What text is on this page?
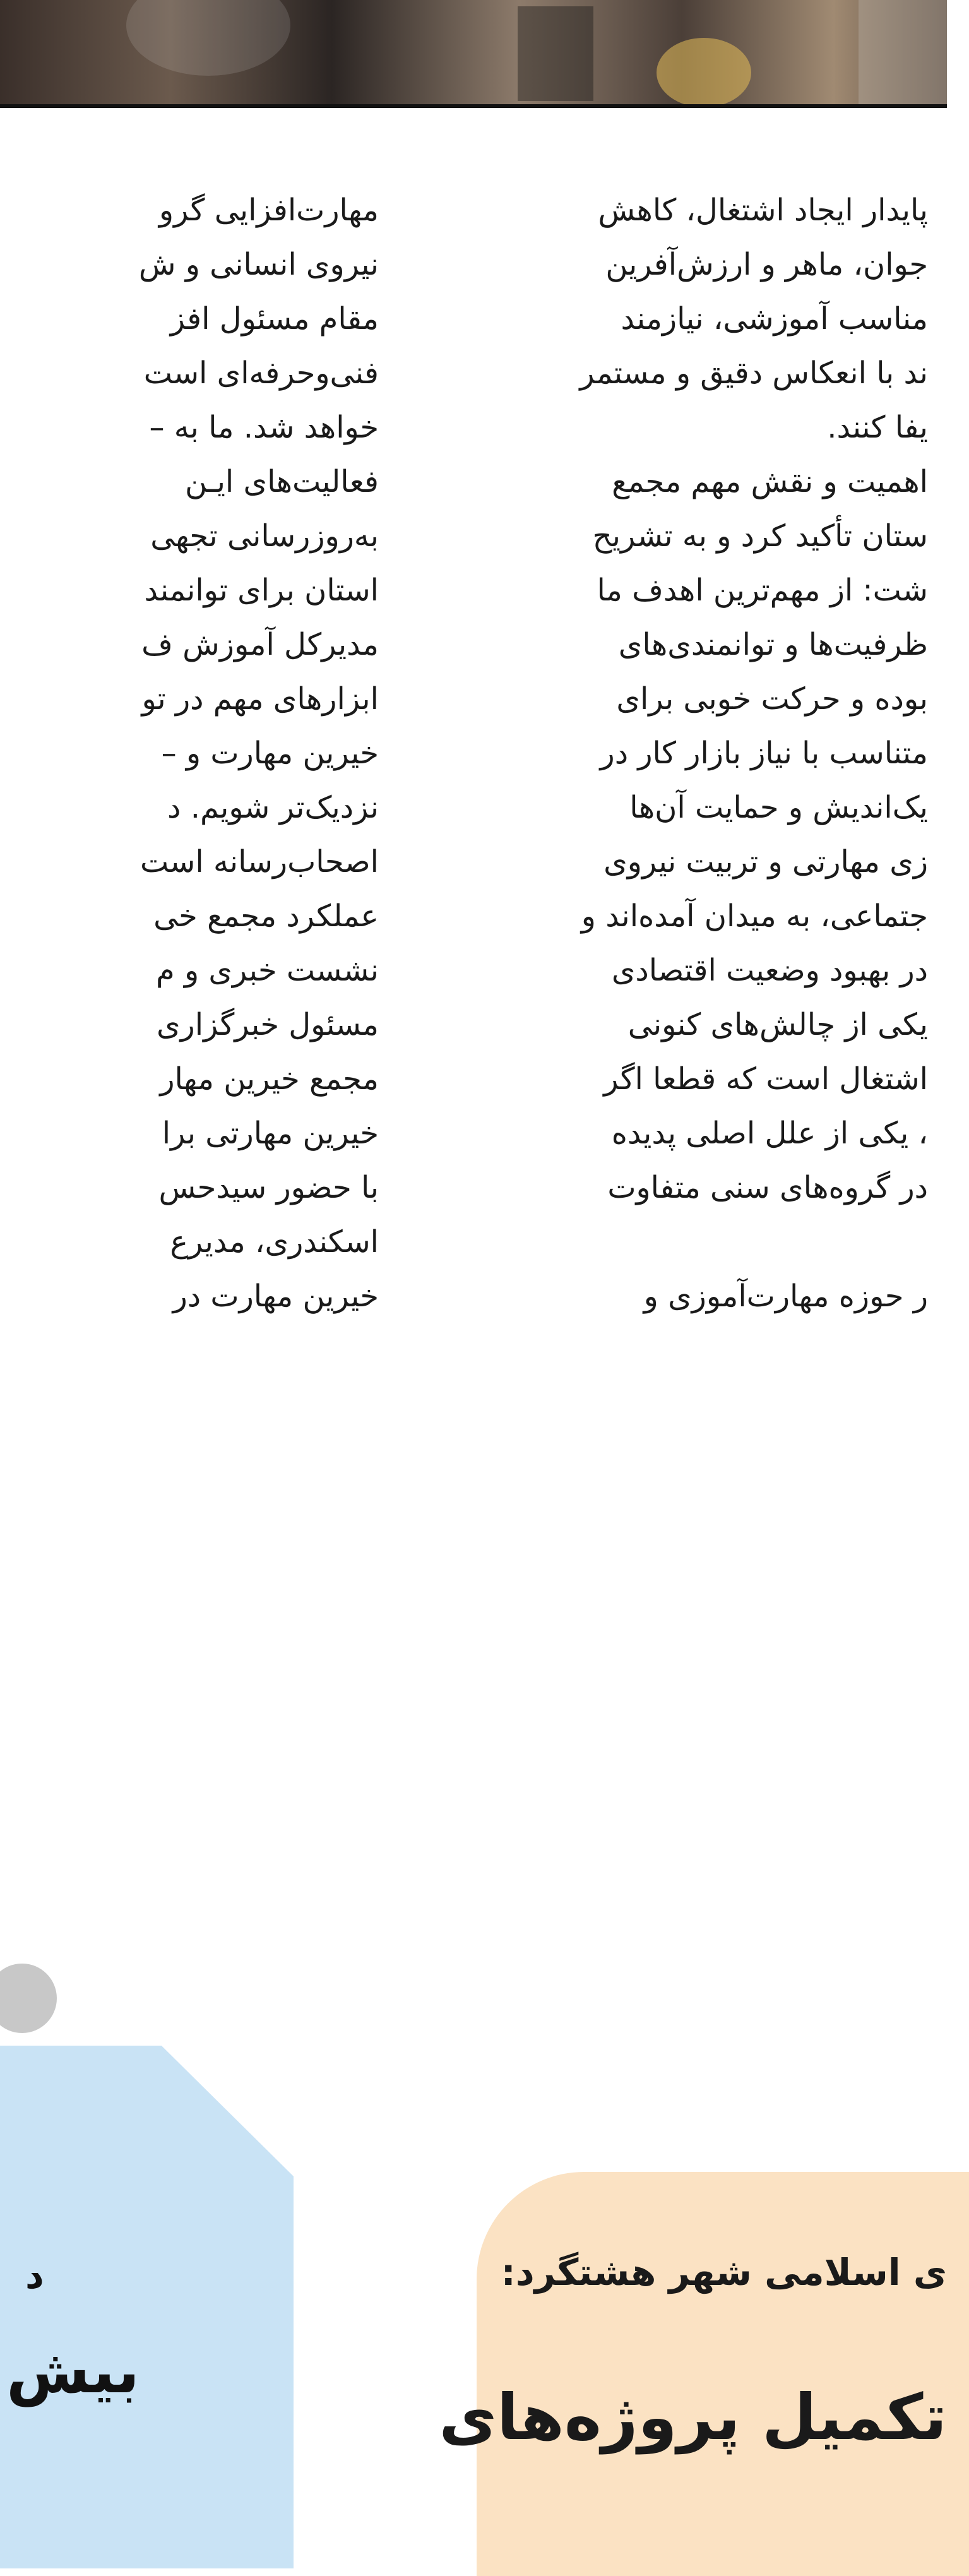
پایدار ایجاد اشتغال، کاهش
جوان، ماهر و ارزش‌آفرین
مناسب آموزشی، نیازمند
ند با انعکاس دقیق و مستمر
یفا کنند.
اهمیت و نقش مهم مجمع
ستان تأکید کرد و به تشریح
شت: از مهم‌ترین اهدف ما
ظرفیت‌ها و توانمندی‌های
بوده و حرکت خوبی برای
متناسب با نیاز بازار کار در
یک‌اندیش و حمایت آن‌ها
زی مهارتی و تربیت نیروی
جتماعی، به میدان آمده‌اند و
در بهبود وضعیت اقتصادی
یکی از چالش‌های کنونی
اشتغال است که قطعا اگر
، یکی از علل اصلی پدیده
در گروه‌های سنی متفاوت
ر حوزه مهارت‌آموزی و
مهارت‌افزایی گرو
نیروی انسانی و ش
مقام مسئول افز
فنی‌وحرفه‌ای است
خواهد شد. ما به –
فعالیت‌های ایـن
به‌روزرسانی تجهی
استان برای توانمند
مدیرکل آموزش ف
ابزارهای مهم در تو
خیرین مهارت و –
نزدیک‌تر شویم. د
اصحاب‌رسانه است
عملکرد مجمع خی
نشست خبری و م
مسئول خبرگزاری
مجمع خیرین مهار
خیرین مهارتی برا
با حضور سیدحس
اسکندری، مدیرع
خیرین مهارت در
د
بیش
ی اسلامی شهر هشتگرد:
تکمیل پروژه‌های
